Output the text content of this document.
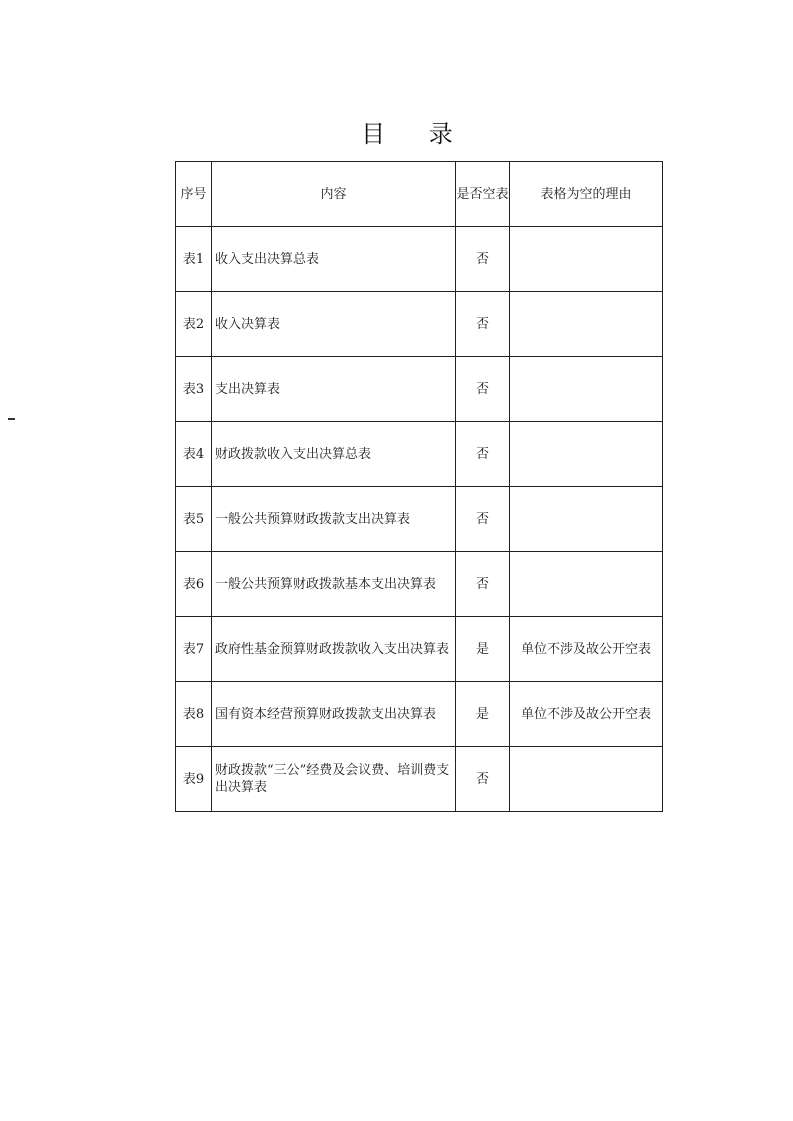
目 录
序号	内容	是否空表	表格为空的理由
表1	收入支出决算总表	否	
表2	收入决算表	否	
表3	支出决算表	否	
表4	财政拨款收入支出决算总表	否	
表5	一般公共预算财政拨款支出决算表	否	
表6	一般公共预算财政拨款基本支出决算表	否	
表7	政府性基金预算财政拨款收入支出决算表	是	单位不涉及故公开空表
表8	国有资本经营预算财政拨款支出决算表	是	单位不涉及故公开空表
表9	财政拨款“三公”经费及会议费、培训费支出决算表	否	
